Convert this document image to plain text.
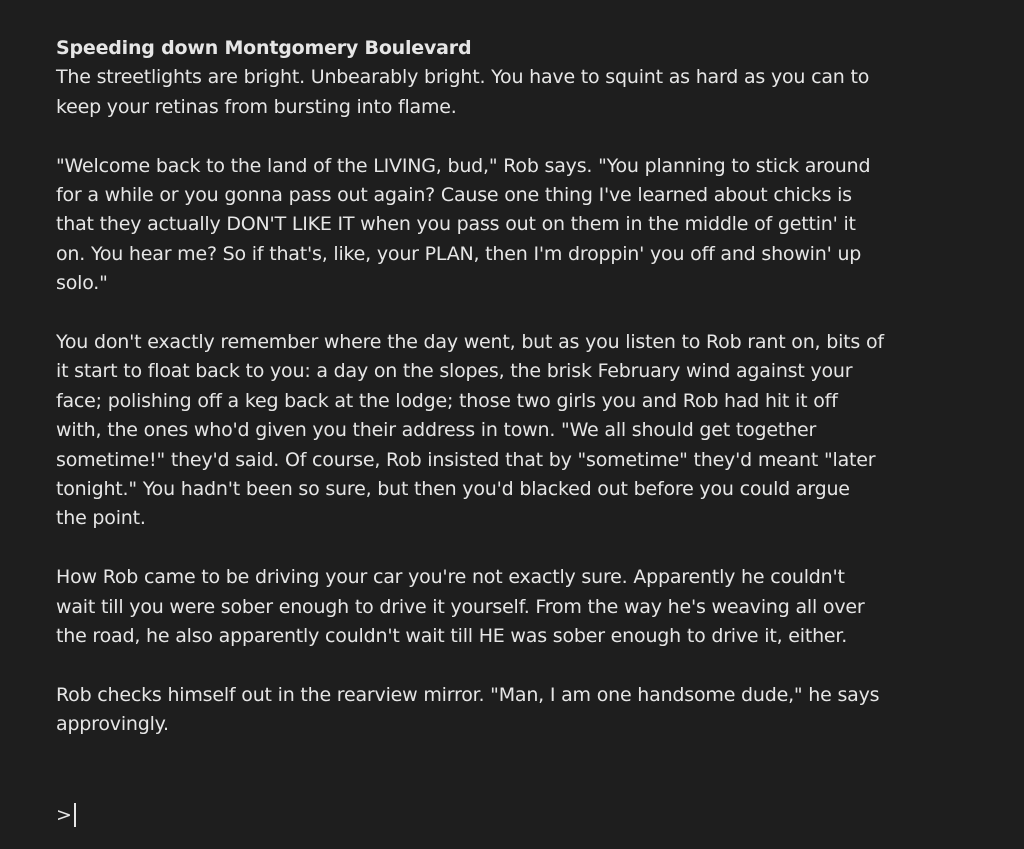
Speeding down Montgomery Boulevard

The streetlights are bright. Unbearably bright. You have to squint as hard as you can to keep your retinas from bursting into flame.

"Welcome back to the land of the LIVING, bud," Rob says. "You planning to stick around for a while or you gonna pass out again? Cause one thing I've learned about chicks is that they actually DON'T LIKE IT when you pass out on them in the middle of gettin' it on. You hear me? So if that's, like, your PLAN, then I'm droppin' you off and showin' up solo."

You don't exactly remember where the day went, but as you listen to Rob rant on, bits of it start to float back to you: a day on the slopes, the brisk February wind against your face; polishing off a keg back at the lodge; those two girls you and Rob had hit it off with, the ones who'd given you their address in town. "We all should get together sometime!" they'd said. Of course, Rob insisted that by "sometime" they'd meant "later tonight." You hadn't been so sure, but then you'd blacked out before you could argue the point.

How Rob came to be driving your car you're not exactly sure. Apparently he couldn't wait till you were sober enough to drive it yourself. From the way he's weaving all over the road, he also apparently couldn't wait till HE was sober enough to drive it, either.

Rob checks himself out in the rearview mirror. "Man, I am one handsome dude," he says approvingly.

>
